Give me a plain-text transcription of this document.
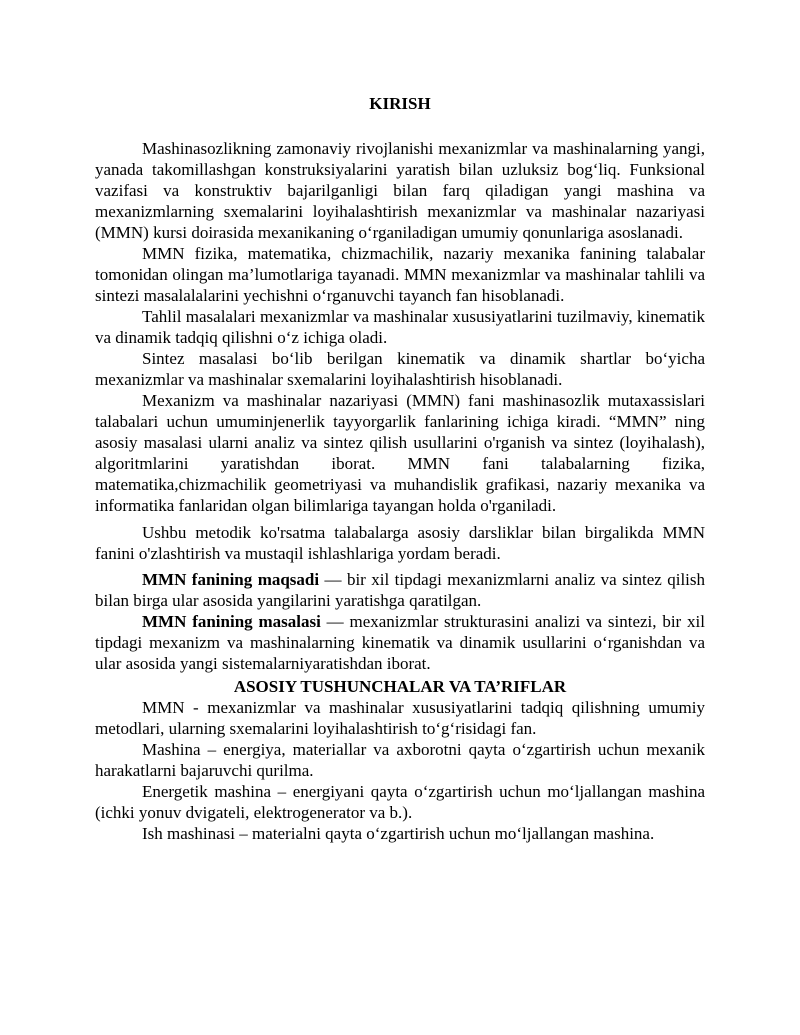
KIRISH

Mashinasozlikning zamonaviy rivojlanishi mexanizmlar va mashinalarning yangi, yanada takomillashgan konstruksiyalarini yaratish bilan uzluksiz bog‘liq. Funksional vazifasi va konstruktiv bajarilganligi bilan farq qiladigan yangi mashina va mexanizmlarning sxemalarini loyihalashtirish mexanizmlar va mashinalar nazariyasi (MMN) kursi doirasida mexanikaning o‘rganiladigan umumiy qonunlariga asoslanadi.

MMN fizika, matematika, chizmachilik, nazariy mexanika fanining talabalar tomonidan olingan ma’lumotlariga tayanadi. MMN mexanizmlar va mashinalar tahlili va sintezi masalalalarini yechishni o‘rganuvchi tayanch fan hisoblanadi.

Tahlil masalalari mexanizmlar va mashinalar xususiyatlarini tuzilmaviy, kinematik va dinamik tadqiq qilishni o‘z ichiga oladi.

Sintez masalasi bo‘lib berilgan kinematik va dinamik shartlar bo‘yicha mexanizmlar va mashinalar sxemalarini loyihalashtirish hisoblanadi.

Mexanizm va mashinalar nazariyasi (MMN) fani mashinasozlik mutaxassislari talabalari uchun umuminjenerlik tayyorgarlik fanlarining ichiga kiradi. “MMN” ning asosiy masalasi ularni analiz va sintez qilish usullarini o'rganish va sintez (loyihalash), algoritmlarini yaratishdan iborat. MMN fani talabalarning fizika, matematika,chizmachilik geometriyasi va muhandislik grafikasi, nazariy mexanika va informatika fanlaridan olgan bilimlariga tayangan holda o'rganiladi.

Ushbu metodik ko'rsatma talabalarga asosiy darsliklar bilan birgalikda MMN fanini o'zlashtirish va mustaqil ishlashlariga yordam beradi.

MMN fanining maqsadi — bir xil tipdagi mexanizmlarni analiz va sintez qilish bilan birga ular asosida yangilarini yaratishga qaratilgan.

MMN fanining masalasi — mexanizmlar strukturasini analizi va sintezi, bir xil tipdagi mexanizm va mashinalarning kinematik va dinamik usullarini o‘rganishdan va ular asosida yangi sistemalarniyaratishdan iborat.

ASOSIY TUSHUNCHALAR VA TA’RIFLAR

MMN - mexanizmlar va mashinalar xususiyatlarini tadqiq qilishning umumiy metodlari, ularning sxemalarini loyihalashtirish to‘g‘risidagi fan.

Mashina – energiya, materiallar va axborotni qayta o‘zgartirish uchun mexanik harakatlarni bajaruvchi qurilma.

Energetik mashina – energiyani qayta o‘zgartirish uchun mo‘ljallangan mashina (ichki yonuv dvigateli, elektrogenerator va b.).

Ish mashinasi – materialni qayta o‘zgartirish uchun mo‘ljallangan mashina.
